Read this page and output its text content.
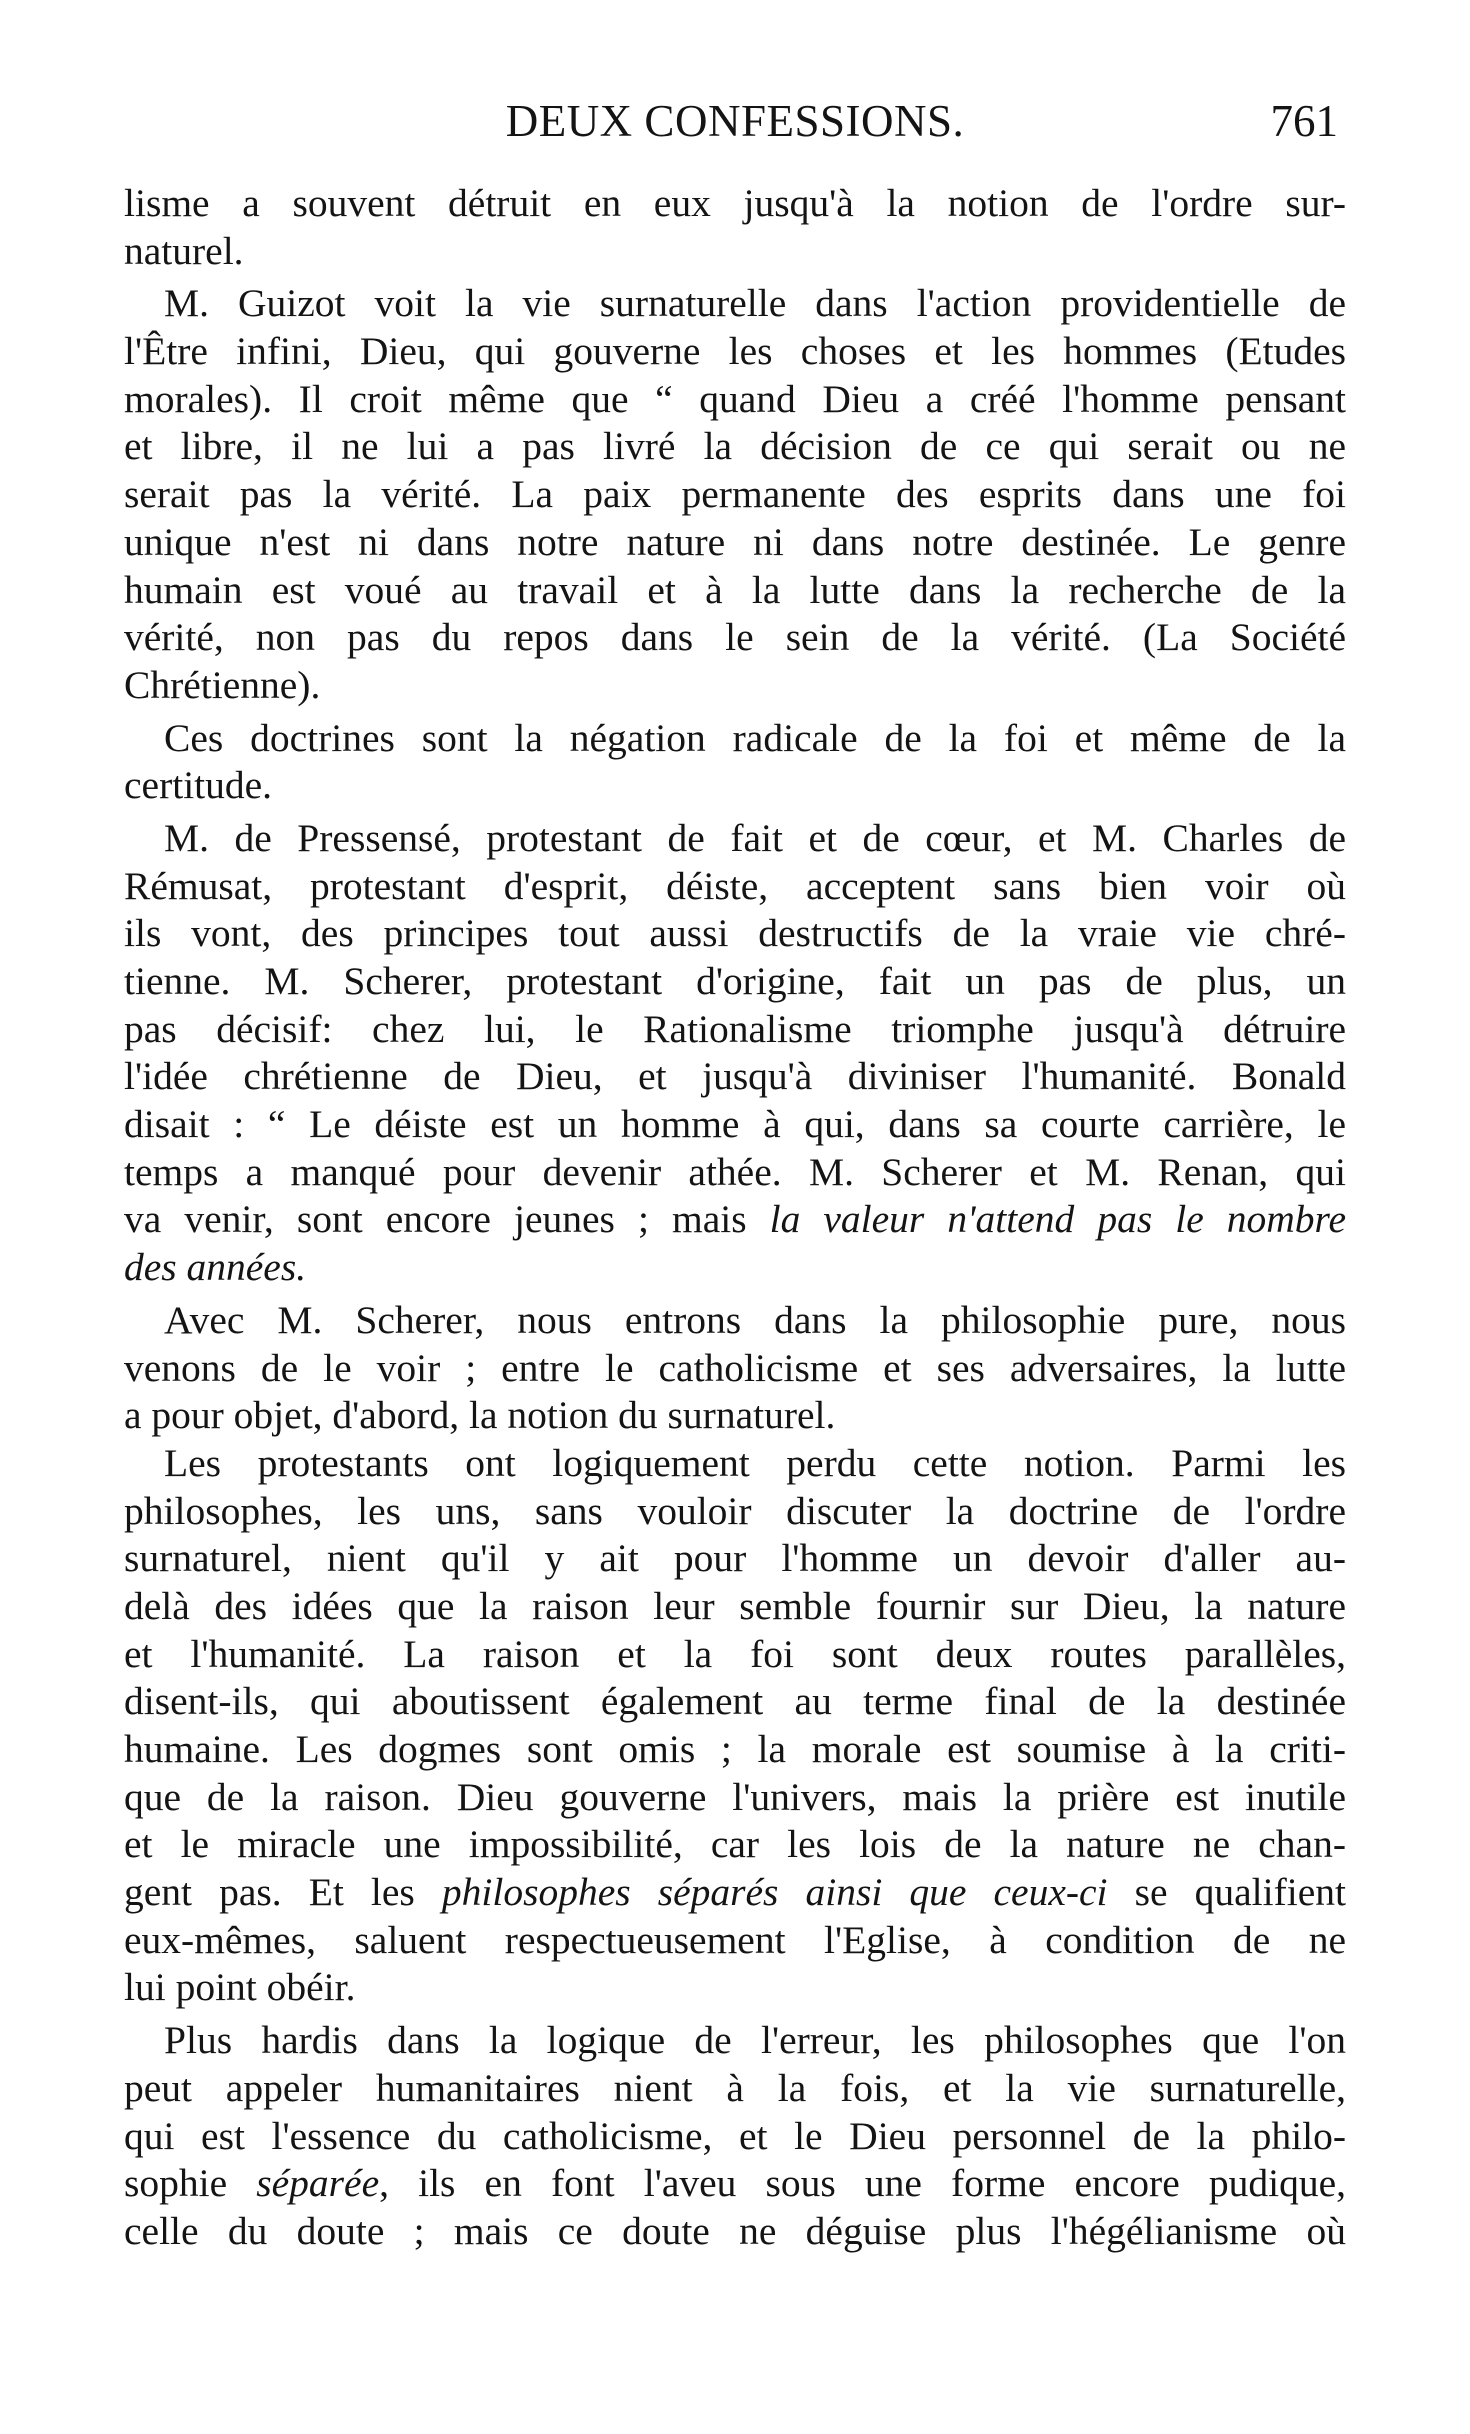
DEUX CONFESSIONS.	761
lisme a souvent détruit en eux jusqu'à la notion de l'ordre sur-
naturel.
M. Guizot voit la vie surnaturelle dans l'action providentielle de
l'Être infini, Dieu, qui gouverne les choses et les hommes (Etudes
morales). Il croit même que “ quand Dieu a créé l'homme pensant
et libre, il ne lui a pas livré la décision de ce qui serait ou ne
serait pas la vérité. La paix permanente des esprits dans une foi
unique n'est ni dans notre nature ni dans notre destinée. Le genre
humain est voué au travail et à la lutte dans la recherche de la
vérité, non pas du repos dans le sein de la vérité. (La Société
Chrétienne).
Ces doctrines sont la négation radicale de la foi et même de la
certitude.
M. de Pressensé, protestant de fait et de cœur, et M. Charles de
Rémusat, protestant d'esprit, déiste, acceptent sans bien voir où
ils vont, des principes tout aussi destructifs de la vraie vie chré-
tienne. M. Scherer, protestant d'origine, fait un pas de plus, un
pas décisif: chez lui, le Rationalisme triomphe jusqu'à détruire
l'idée chrétienne de Dieu, et jusqu'à diviniser l'humanité. Bonald
disait : “ Le déiste est un homme à qui, dans sa courte carrière, le
temps a manqué pour devenir athée. M. Scherer et M. Renan, qui
va venir, sont encore jeunes ; mais la valeur n'attend pas le nombre
des années.
Avec M. Scherer, nous entrons dans la philosophie pure, nous
venons de le voir ; entre le catholicisme et ses adversaires, la lutte
a pour objet, d'abord, la notion du surnaturel.
Les protestants ont logiquement perdu cette notion. Parmi les
philosophes, les uns, sans vouloir discuter la doctrine de l'ordre
surnaturel, nient qu'il y ait pour l'homme un devoir d'aller au-
delà des idées que la raison leur semble fournir sur Dieu, la nature
et l'humanité. La raison et la foi sont deux routes parallèles,
disent-ils, qui aboutissent également au terme final de la destinée
humaine. Les dogmes sont omis ; la morale est soumise à la criti-
que de la raison. Dieu gouverne l'univers, mais la prière est inutile
et le miracle une impossibilité, car les lois de la nature ne chan-
gent pas. Et les philosophes séparés ainsi que ceux-ci se qualifient
eux-mêmes, saluent respectueusement l'Eglise, à condition de ne
lui point obéir.
Plus hardis dans la logique de l'erreur, les philosophes que l'on
peut appeler humanitaires nient à la fois, et la vie surnaturelle,
qui est l'essence du catholicisme, et le Dieu personnel de la philo-
sophie séparée, ils en font l'aveu sous une forme encore pudique,
celle du doute ; mais ce doute ne déguise plus l'hégélianisme où
